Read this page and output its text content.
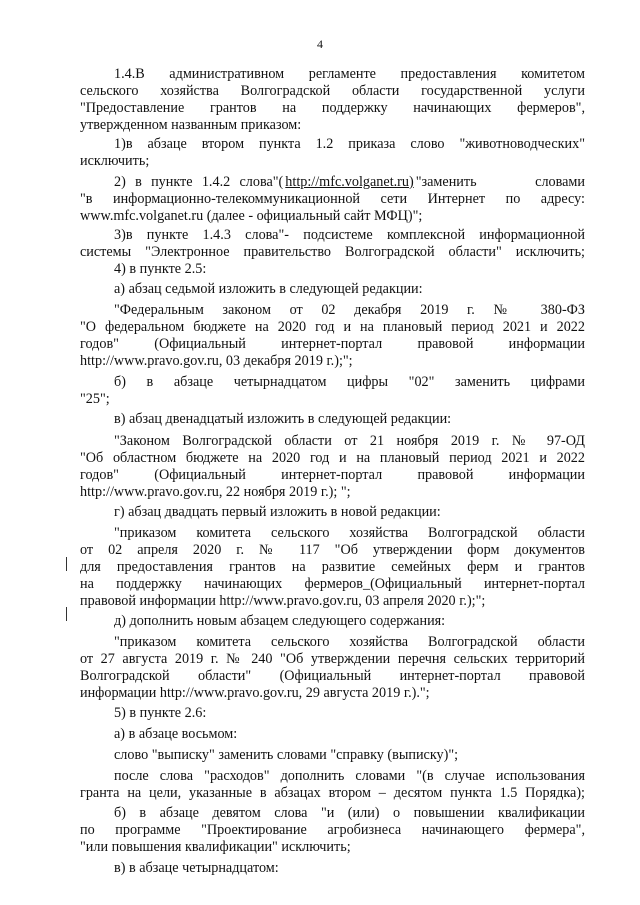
4
1.4.В административном регламенте предоставления комитетом
сельского хозяйства Волгоградской области государственной услуги
"Предоставление грантов на поддержку начинающих фермеров",
утвержденном названным приказом:
1)в абзаце втором пункта 1.2 приказа слово "животноводческих"
исключить;
2) в пункте 1.4.2 слова"( http://mfc.volganet.ru) "заменить словами
"в информационно-телекоммуникационной сети Интернет по адресу:
www.mfc.volganet.ru (далее - официальный сайт МФЦ)";
3)в пункте 1.4.3 слова"- подсистеме комплексной информационной
системы "Электронное правительство Волгоградской области" исключить;
4) в пункте 2.5:
а) абзац седьмой изложить в следующей редакции:
"Федеральным законом от 02 декабря 2019 г. № 380-ФЗ
"О федеральном бюджете на 2020 год и на плановый период 2021 и 2022
годов" (Официальный интернет-портал правовой информации
http://www.pravo.gov.ru, 03 декабря 2019 г.);";
б) в абзаце четырнадцатом цифры "02" заменить цифрами
"25";
в) абзац двенадцатый изложить в следующей редакции:
"Законом Волгоградской области от 21 ноября 2019 г. № 97-ОД
"Об областном бюджете на 2020 год и на плановый период 2021 и 2022
годов" (Официальный интернет-портал правовой информации
http://www.pravo.gov.ru, 22 ноября 2019 г.); ";
г) абзац двадцать первый изложить в новой редакции:
"приказом комитета сельского хозяйства Волгоградской области
от 02 апреля 2020 г. № 117 "Об утверждении форм документов
для предоставления грантов на развитие семейных ферм и грантов
на поддержку начинающих фермеров_(Официальный интернет-портал
правовой информации http://www.pravo.gov.ru, 03 апреля 2020 г.);";
д) дополнить новым абзацем следующего содержания:
"приказом комитета сельского хозяйства Волгоградской области
от 27 августа 2019 г. № 240 "Об утверждении перечня сельских территорий
Волгоградской области" (Официальный интернет-портал правовой
информации http://www.pravo.gov.ru, 29 августа 2019 г.).";
5) в пункте 2.6:
а) в абзаце восьмом:
слово "выписку" заменить словами "справку (выписку)";
после слова "расходов" дополнить словами "(в случае использования
гранта на цели, указанные в абзацах втором – десятом пункта 1.5 Порядка);
б) в абзаце девятом слова "и (или) о повышении квалификации
по программе "Проектирование агробизнеса начинающего фермера",
"или повышения квалификации" исключить;
в) в абзаце четырнадцатом:
